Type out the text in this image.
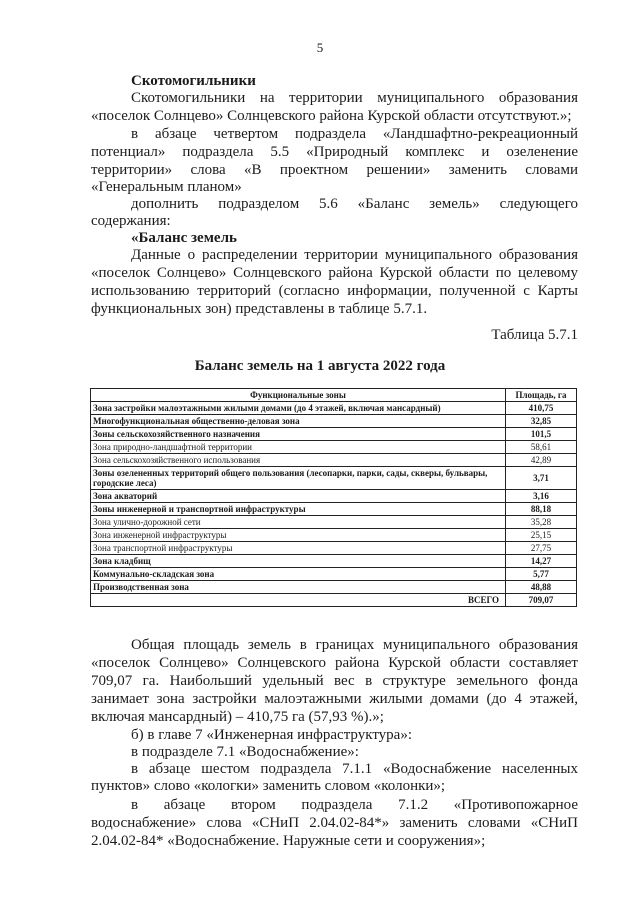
5
Скотомогильники
Скотомогильники на территории муниципального образования
«поселок Солнцево» Солнцевского района Курской области отсутствуют.»;
в абзаце четвертом подраздела «Ландшафтно-рекреационный
потенциал» подраздела 5.5 «Природный комплекс и озеленение
территории» слова «В проектном решении» заменить словами
«Генеральным планом»
дополнить подразделом 5.6 «Баланс земель» следующего
содержания:
«Баланс земель
Данные о распределении территории муниципального образования
«поселок Солнцево» Солнцевского района Курской области по целевому
использованию территорий (согласно информации, полученной с Карты
функциональных зон) представлены в таблице 5.7.1.
Таблица 5.7.1
Баланс земель на 1 августа 2022 года
Функциональные зоны	Площадь, га
Зона застройки малоэтажными жилыми домами (до 4 этажей, включая мансардный)	410,75
Многофункциональная общественно-деловая зона	32,85
Зоны сельскохозяйственного назначения	101,5
Зона природно-ландшафтной территории	58,61
Зона сельскохозяйственного использования	42,89
Зоны озелененных территорий общего пользования (лесопарки, парки, сады, скверы, бульвары, городские леса)	3,71
Зона акваторий	3,16
Зоны инженерной и транспортной инфраструктуры	88,18
Зона улично-дорожной сети	35,28
Зона инженерной инфраструктуры	25,15
Зона транспортной инфраструктуры	27,75
Зона кладбищ	14,27
Коммунально-складская зона	5,77
Производственная зона	48,88
ВСЕГО	709,07
Общая площадь земель в границах муниципального образования
«поселок Солнцево» Солнцевского района Курской области составляет
709,07 га. Наибольший удельный вес в структуре земельного фонда
занимает зона застройки малоэтажными жилыми домами (до 4 этажей,
включая мансардный) – 410,75 га (57,93 %).»;
б) в главе 7 «Инженерная инфраструктура»:
в подразделе 7.1 «Водоснабжение»:
в абзаце шестом подраздела 7.1.1 «Водоснабжение населенных
пунктов» слово «кологки» заменить словом «колонки»;
в абзаце втором подраздела 7.1.2 «Противопожарное
водоснабжение» слова «СНиП 2.04.02-84*» заменить словами «СНиП
2.04.02-84* «Водоснабжение. Наружные сети и сооружения»;
